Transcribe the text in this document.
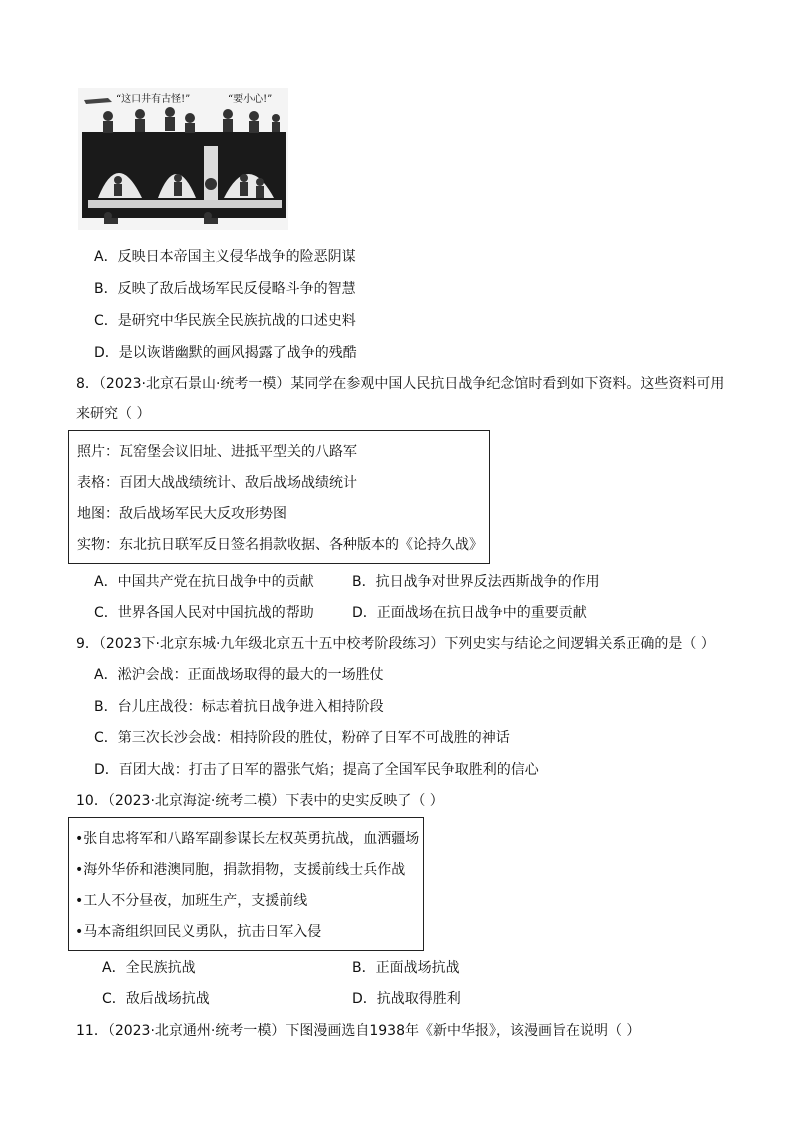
“这口井有古怪!”	“要小心!”
A．反映日本帝国主义侵华战争的险恶阴谋
B．反映了敌后战场军民反侵略斗争的智慧
C．是研究中华民族全民族抗战的口述史料
D．是以诙谐幽默的画风揭露了战争的残酷
8．（2023·北京石景山·统考一模）某同学在参观中国人民抗日战争纪念馆时看到如下资料。这些资料可用
来研究（ ）
照片：瓦窑堡会议旧址、进抵平型关的八路军
表格：百团大战战绩统计、敌后战场战绩统计
地图：敌后战场军民大反攻形势图
实物：东北抗日联军反日签名捐款收据、各种版本的《论持久战》
A．中国共产党在抗日战争中的贡献	B．抗日战争对世界反法西斯战争的作用
C．世界各国人民对中国抗战的帮助	D．正面战场在抗日战争中的重要贡献
9．（2023下·北京东城·九年级北京五十五中校考阶段练习）下列史实与结论之间逻辑关系正确的是（ ）
A．淞沪会战：正面战场取得的最大的一场胜仗
B．台儿庄战役：标志着抗日战争进入相持阶段
C．第三次长沙会战：相持阶段的胜仗，粉碎了日军不可战胜的神话
D．百团大战：打击了日军的嚣张气焰；提高了全国军民争取胜利的信心
10．（2023·北京海淀·统考二模）下表中的史实反映了（ ）
•张自忠将军和八路军副参谋长左权英勇抗战，血洒疆场
•海外华侨和港澳同胞，捐款捐物，支援前线士兵作战
•工人不分昼夜，加班生产，支援前线
•马本斋组织回民义勇队，抗击日军入侵
A．全民族抗战	B．正面战场抗战
C．敌后战场抗战	D．抗战取得胜利
11．（2023·北京通州·统考一模）下图漫画选自1938年《新中华报》，该漫画旨在说明（ ）
